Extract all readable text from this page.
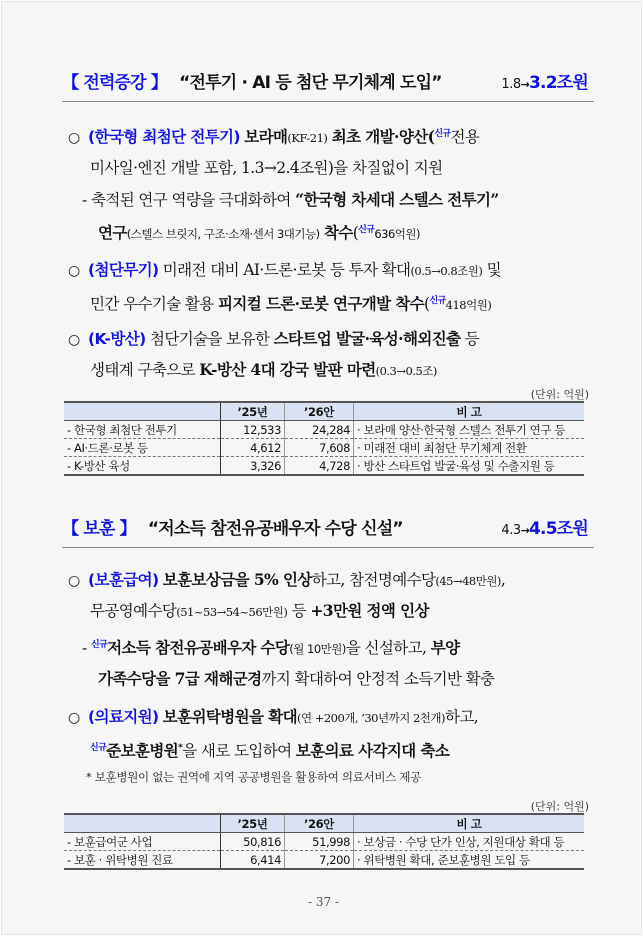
【 전력증강 】 “전투기 · AI 등 첨단 무기체계 도입”	1.8→3.2조원
○ (한국형 최첨단 전투기) 보라매(KF-21) 최초 개발·양산($^{신규}$전용
미사일·엔진 개발 포함, 1.3→2.4조원)을 차질없이 지원
- 축적된 연구 역량을 극대화하여 “한국형 차세대 스텔스 전투기”
연구(스텔스 브릿지, 구조·소재·센서 3대기능) 착수($^{신규}$636억원)
○ (첨단무기) 미래전 대비 AI·드론·로봇 등 투자 확대(0.5→0.8조원) 및
민간 우수기술 활용 피지컬 드론·로봇 연구개발 착수($^{신규}$418억원)
○ (K-방산) 첨단기술을 보유한 스타트업 발굴·육성·해외진출 등
생태계 구축으로 K-방산 4대 강국 발판 마련(0.3→0.5조)
(단위: 억원)
	’25년	’26안	비 고
- 한국형 최첨단 전투기	12,533	24,284	· 보라매 양산·한국형 스텔스 전투기 연구 등
- AI·드론·로봇 등	4,612	7,608	· 미래전 대비 최첨단 무기체계 전환
- K-방산 육성	3,326	4,728	· 방산 스타트업 발굴·육성 및 수출지원 등
【 보훈 】 “저소득 참전유공배우자 수당 신설”	4.3→4.5조원
○ (보훈급여) 보훈보상금을 5% 인상하고, 참전명예수당(45→48만원),
무공영예수당(51~53→54~56만원) 등 +3만원 정액 인상
- $^{신규}$저소득 참전유공배우자 수당(월 10만원)을 신설하고, 부양
가족수당을 7급 재해군경까지 확대하여 안정적 소득기반 확충
○ (의료지원) 보훈위탁병원을 확대(연 +200개, ’30년까지 2천개)하고,
$^{신규}$준보훈병원*을 새로 도입하여 보훈의료 사각지대 축소
* 보훈병원이 없는 권역에 지역 공공병원을 활용하여 의료서비스 제공
(단위: 억원)
	’25년	’26안	비 고
- 보훈급여군 사업	50,816	51,998	· 보상금 · 수당 단가 인상, 지원대상 확대 등
- 보훈 · 위탁병원 진료	6,414	7,200	· 위탁병원 확대, 준보훈병원 도입 등
- 37 -
